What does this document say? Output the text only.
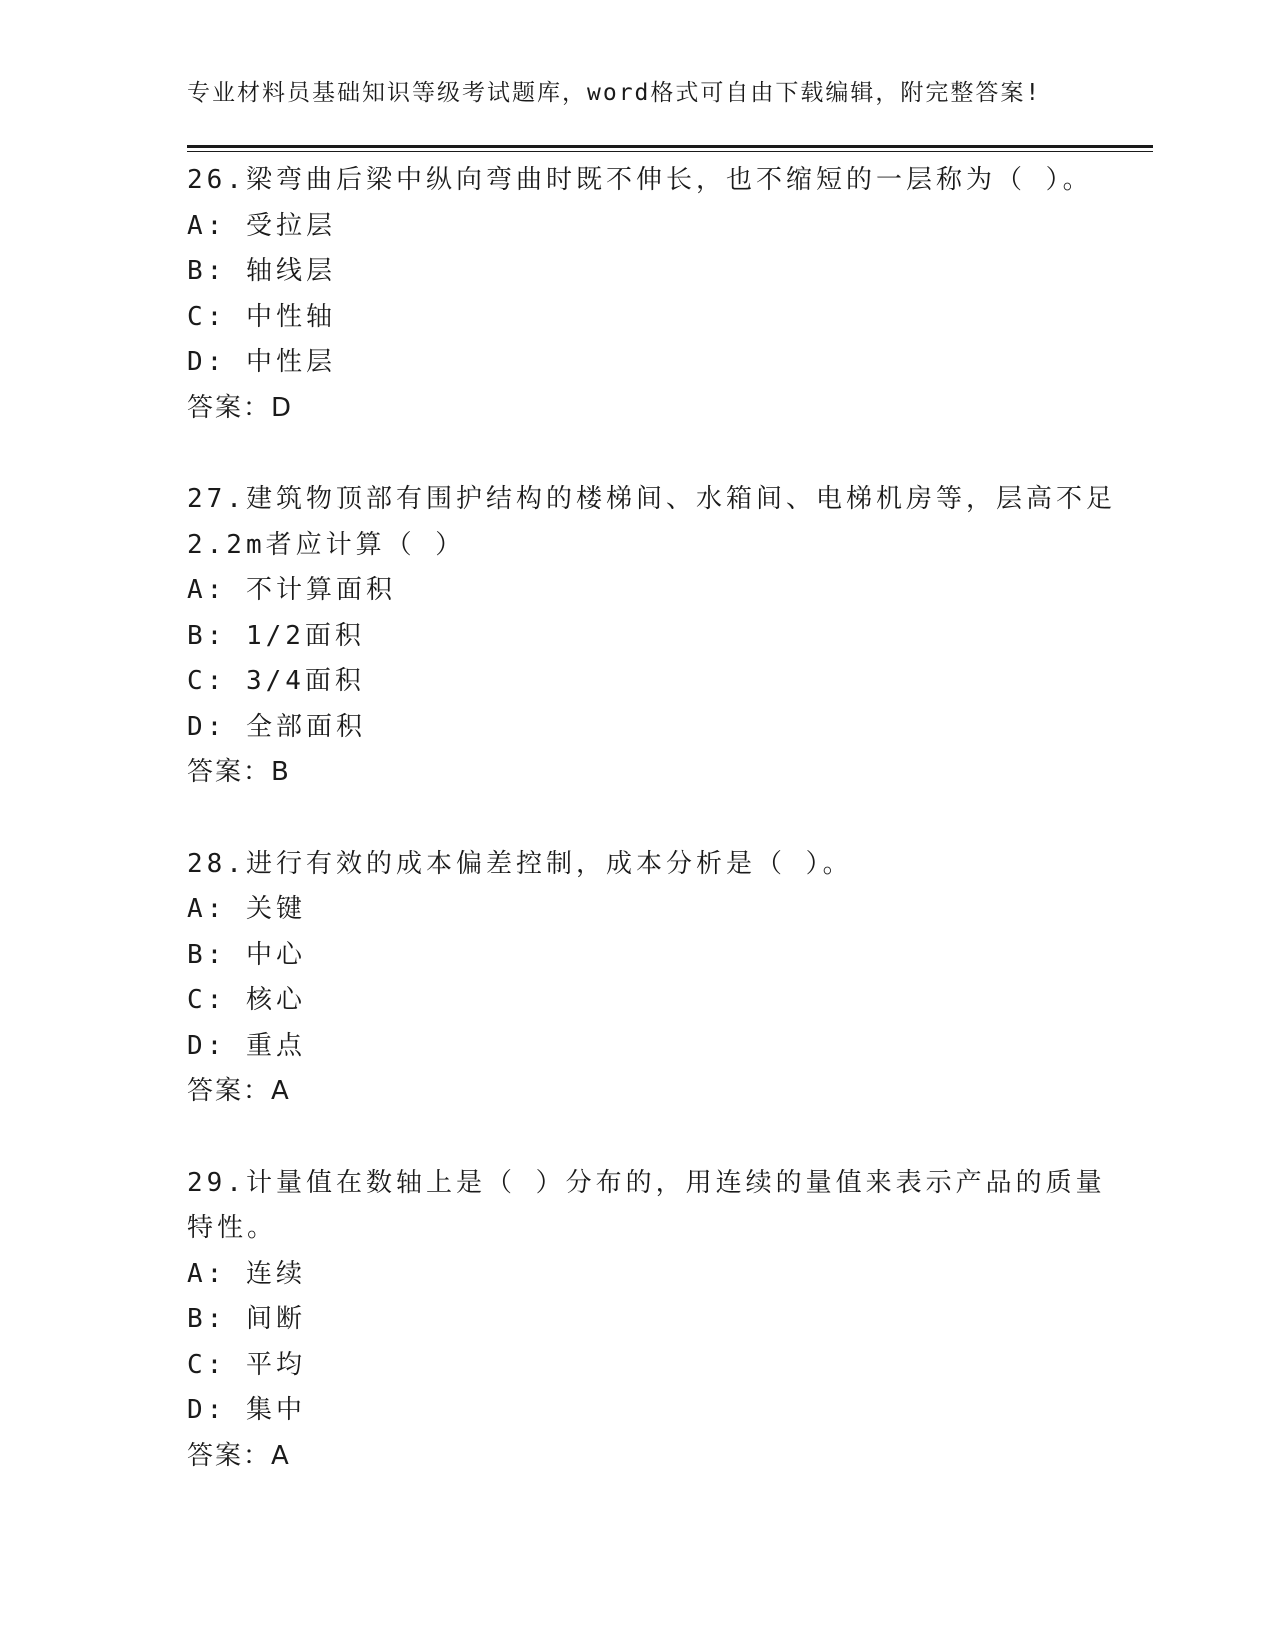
专业材料员基础知识等级考试题库，word格式可自由下载编辑，附完整答案!
26.梁弯曲后梁中纵向弯曲时既不伸长，也不缩短的一层称为（ ）。
A: 受拉层
B: 轴线层
C: 中性轴
D: 中性层
答案：D
27.建筑物顶部有围护结构的楼梯间、水箱间、电梯机房等，层高不足
2.2m者应计算（ ）
A: 不计算面积
B: 1/2面积
C: 3/4面积
D: 全部面积
答案：B
28.进行有效的成本偏差控制，成本分析是（ ）。
A: 关键
B: 中心
C: 核心
D: 重点
答案：A
29.计量值在数轴上是（ ）分布的，用连续的量值来表示产品的质量
特性。
A: 连续
B: 间断
C: 平均
D: 集中
答案：A
